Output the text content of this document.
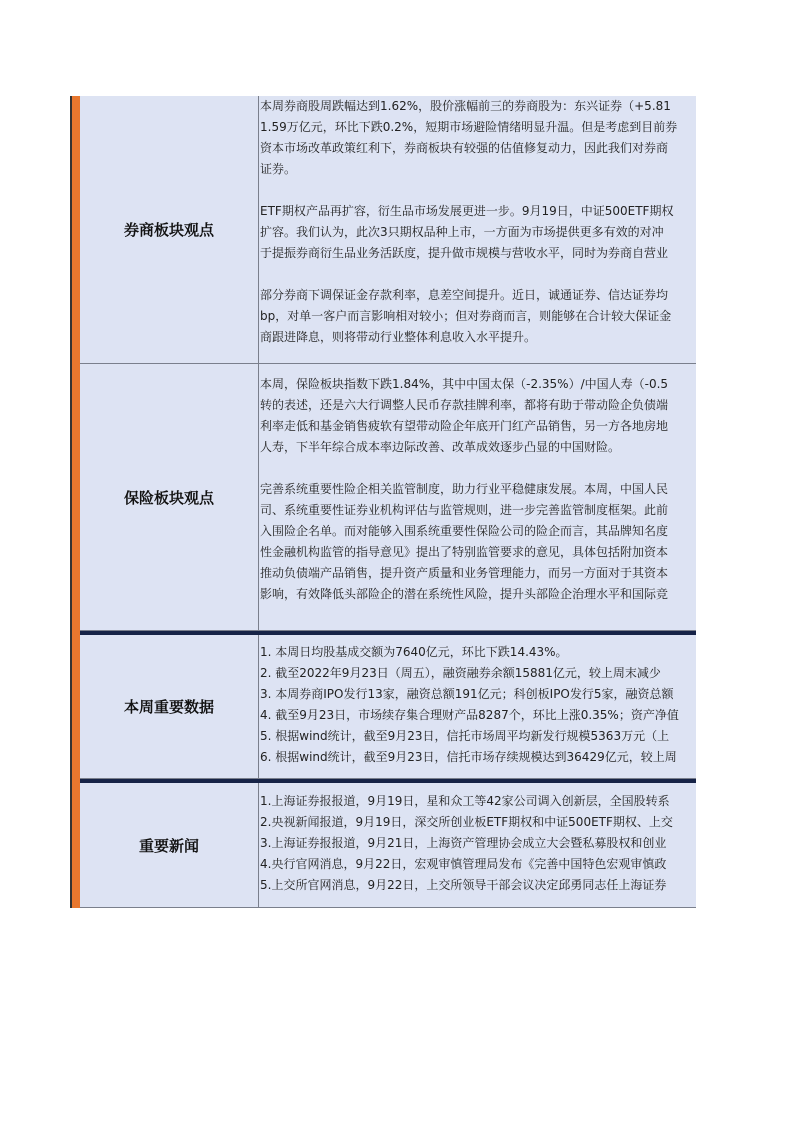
券商板块观点
本周券商股周跌幅达到1.62%，股价涨幅前三的券商股为：东兴证券（+5.81
1.59万亿元，环比下跌0.2%，短期市场避险情绪明显升温。但是考虑到目前券
资本市场改革政策红利下，券商板块有较强的估值修复动力，因此我们对券商
证券。
ETF期权产品再扩容，衍生品市场发展更进一步。9月19日，中证500ETF期权
扩容。我们认为，此次3只期权品种上市，一方面为市场提供更多有效的对冲
于提振券商衍生品业务活跃度，提升做市规模与营收水平，同时为券商自营业
部分券商下调保证金存款利率，息差空间提升。近日，诚通证券、信达证券均
bp，对单一客户而言影响相对较小；但对券商而言，则能够在合计较大保证金
商跟进降息，则将带动行业整体利息收入水平提升。
保险板块观点
本周，保险板块指数下跌1.84%，其中中国太保（-2.35%）/中国人寿（-0.5
转的表述，还是六大行调整人民币存款挂牌利率，都将有助于带动险企负债端
利率走低和基金销售疲软有望带动险企年底开门红产品销售，另一方各地房地
人寿，下半年综合成本率边际改善、改革成效逐步凸显的中国财险。
完善系统重要性险企相关监管制度，助力行业平稳健康发展。本周，中国人民
司、系统重要性证券业机构评估与监管规则，进一步完善监管制度框架。此前
入围险企名单。而对能够入围系统重要性保险公司的险企而言，其品牌知名度
性金融机构监管的指导意见》提出了特别监管要求的意见，具体包括附加资本
推动负债端产品销售，提升资产质量和业务管理能力，而另一方面对于其资本
影响，有效降低头部险企的潜在系统性风险，提升头部险企治理水平和国际竞
本周重要数据
1. 本周日均股基成交额为7640亿元，环比下跌14.43%。
2. 截至2022年9月23日（周五），融资融券余额15881亿元，较上周末减少
3. 本周券商IPO发行13家，融资总额191亿元；科创板IPO发行5家，融资总额
4. 截至9月23日，市场续存集合理财产品8287个，环比上涨0.35%；资产净值
5. 根据wind统计，截至9月23日，信托市场周平均新发行规模5363万元（上
6. 根据wind统计，截至9月23日，信托市场存续规模达到36429亿元，较上周
重要新闻
1.上海证券报报道，9月19日，星和众工等42家公司调入创新层，全国股转系
2.央视新闻报道，9月19日，深交所创业板ETF期权和中证500ETF期权、上交
3.上海证券报报道，9月21日，上海资产管理协会成立大会暨私募股权和创业
4.央行官网消息，9月22日，宏观审慎管理局发布《完善中国特色宏观审慎政
5.上交所官网消息，9月22日，上交所领导干部会议决定邱勇同志任上海证券
